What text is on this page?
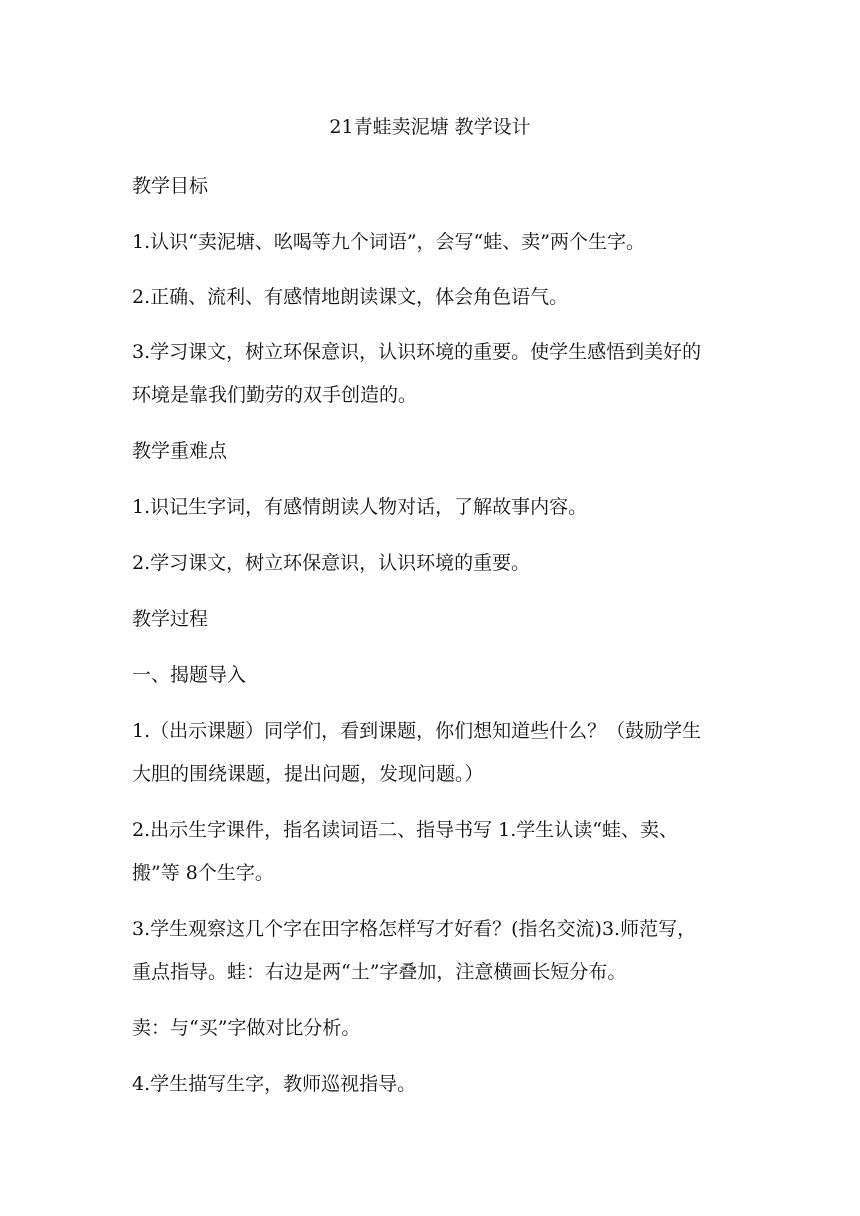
21青蛙卖泥塘 教学设计
教学目标
1.认识“卖泥塘、吆喝等九个词语”，会写“蛙、卖”两个生字。
2.正确、流利、有感情地朗读课文，体会角色语气。
3.学习课文，树立环保意识，认识环境的重要。使学生感悟到美好的
环境是靠我们勤劳的双手创造的。
教学重难点
1.识记生字词，有感情朗读人物对话，了解故事内容。
2.学习课文，树立环保意识，认识环境的重要。
教学过程
一、揭题导入
1.（出示课题）同学们，看到课题，你们想知道些什么？（鼓励学生
大胆的围绕课题，提出问题，发现问题。）
2.出示生字课件，指名读词语二、指导书写 1.学生认读“蛙、卖、
搬”等 8个生字。
3.学生观察这几个字在田字格怎样写才好看？(指名交流)3.师范写，
重点指导。蛙：右边是两“土”字叠加，注意横画长短分布。
卖：与“买”字做对比分析。
4.学生描写生字，教师巡视指导。
